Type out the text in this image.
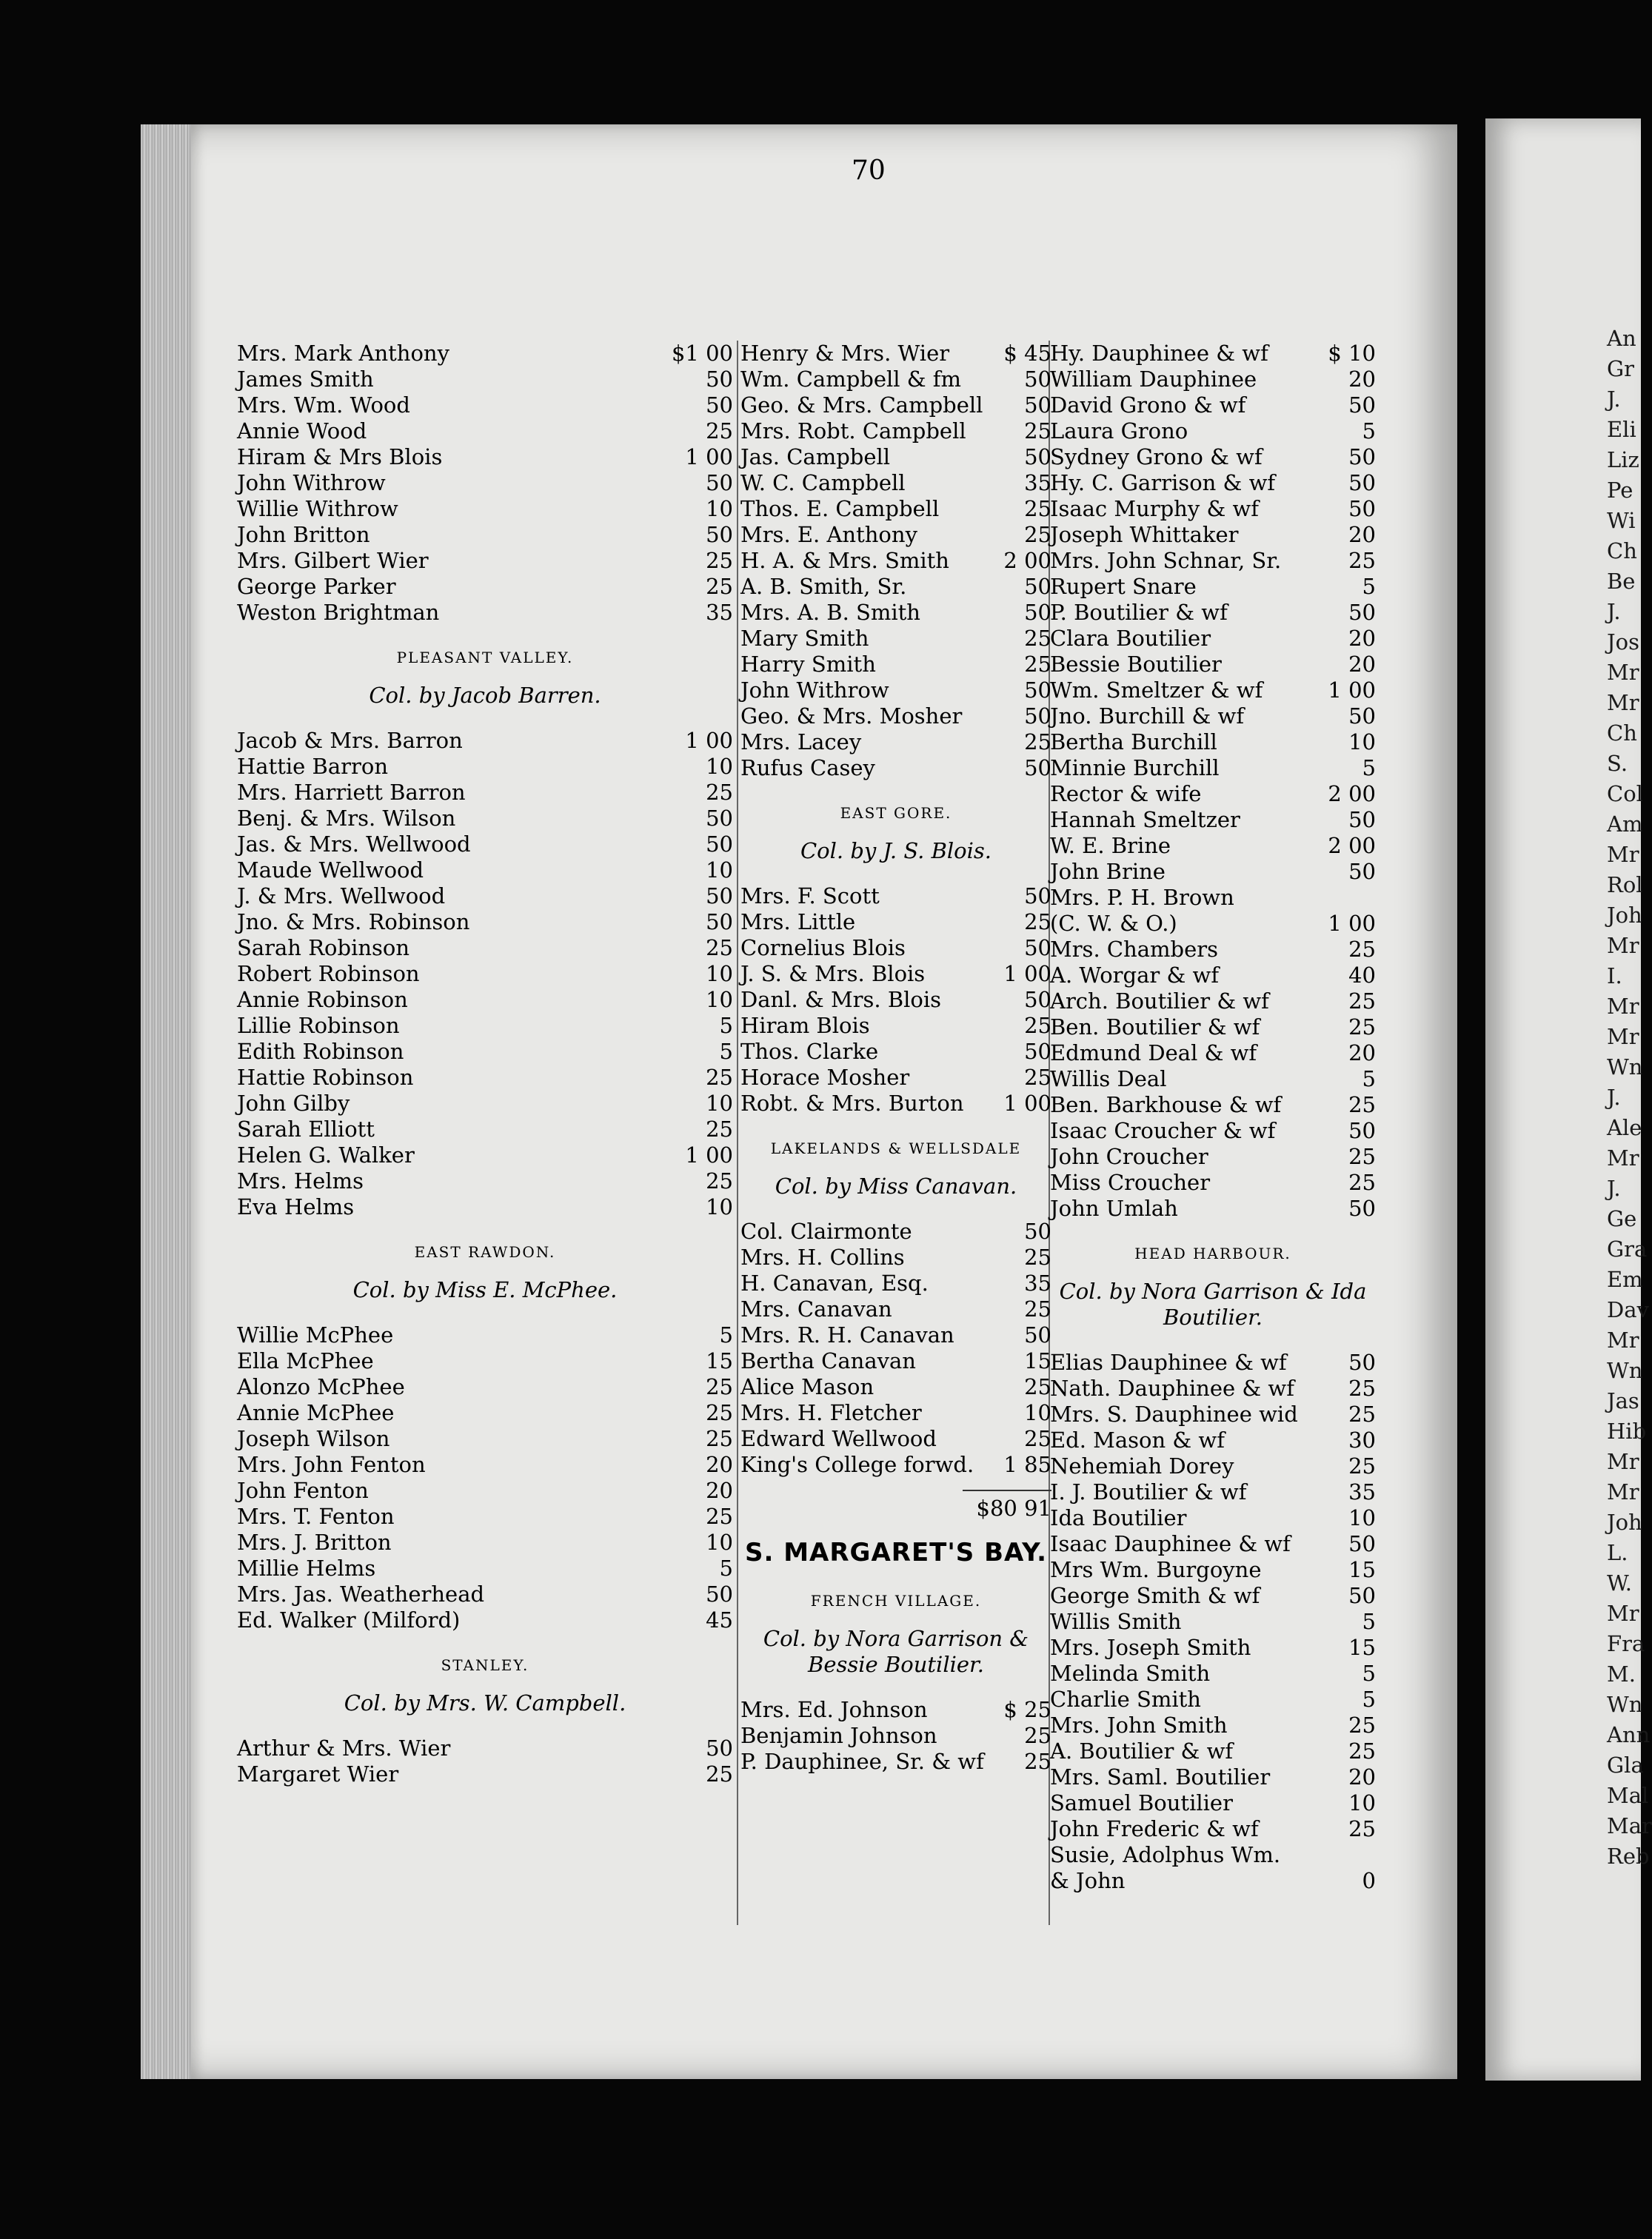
An
Gr
J.
Eli
Liz
Pe
Wi
Ch
Be
J.
Jos
Mr
Mr
Ch
S.
Col
Am
Mr
Rol
Joh
Mr
I.
Mr
Mr
Wn
J.
Ale
Mr
J.
Ge
Gra
Em
Dav
Mr
Wn
Jas
Hib
Mr
Mr
Joh
L.
W.
Mr
Fra
M.
Wn
Ann
Gla
Mal
Mar
Reb
70
Mrs. Mark Anthony	$1 00
James Smith	50
Mrs. Wm. Wood	50
Annie Wood	25
Hiram & Mrs Blois	1 00
John Withrow	50
Willie Withrow	10
John Britton	50
Mrs. Gilbert Wier	25
George Parker	25
Weston Brightman	35
PLEASANT VALLEY.
Col. by Jacob Barren.
Jacob & Mrs. Barron	1 00
Hattie Barron	10
Mrs. Harriett Barron	25
Benj. & Mrs. Wilson	50
Jas. & Mrs. Wellwood	50
Maude Wellwood	10
J. & Mrs. Wellwood	50
Jno. & Mrs. Robinson	50
Sarah Robinson	25
Robert Robinson	10
Annie Robinson	10
Lillie Robinson	5
Edith Robinson	5
Hattie Robinson	25
John Gilby	10
Sarah Elliott	25
Helen G. Walker	1 00
Mrs. Helms	25
Eva Helms	10
EAST RAWDON.
Col. by Miss E. McPhee.
Willie McPhee	5
Ella McPhee	15
Alonzo McPhee	25
Annie McPhee	25
Joseph Wilson	25
Mrs. John Fenton	20
John Fenton	20
Mrs. T. Fenton	25
Mrs. J. Britton	10
Millie Helms	5
Mrs. Jas. Weatherhead	50
Ed. Walker (Milford)	45
STANLEY.
Col. by Mrs. W. Campbell.
Arthur & Mrs. Wier	50
Margaret Wier	25
Henry & Mrs. Wier	$ 45
Wm. Campbell & fm	50
Geo. & Mrs. Campbell	50
Mrs. Robt. Campbell	25
Jas. Campbell	50
W. C. Campbell	35
Thos. E. Campbell	25
Mrs. E. Anthony	25
H. A. & Mrs. Smith	2 00
A. B. Smith, Sr.	50
Mrs. A. B. Smith	50
Mary Smith	25
Harry Smith	25
John Withrow	50
Geo. & Mrs. Mosher	50
Mrs. Lacey	25
Rufus Casey	50
EAST GORE.
Col. by J. S. Blois.
Mrs. F. Scott	50
Mrs. Little	25
Cornelius Blois	50
J. S. & Mrs. Blois	1 00
Danl. & Mrs. Blois	50
Hiram Blois	25
Thos. Clarke	50
Horace Mosher	25
Robt. & Mrs. Burton 1 00
LAKELANDS & WELLSDALE
Col. by Miss Canavan.
Col. Clairmonte	50
Mrs. H. Collins	25
H. Canavan, Esq.	35
Mrs. Canavan	25
Mrs. R. H. Canavan	50
Bertha Canavan	15
Alice Mason	25
Mrs. H. Fletcher	10
Edward Wellwood	25
King's College forwd. 1 85
$80 91
S. MARGARET'S BAY.
FRENCH VILLAGE.
Col. by Nora Garrison & Bessie Boutilier.
Mrs. Ed. Johnson	$ 25
Benjamin Johnson	25
P. Dauphinee, Sr. & wf	25
Hy. Dauphinee & wf	$ 10
William Dauphinee	20
David Grono & wf	50
Laura Grono	5
Sydney Grono & wf	50
Hy. C. Garrison & wf	50
Isaac Murphy & wf	50
Joseph Whittaker	20
Mrs. John Schnar, Sr.	25
Rupert Snare	5
P. Boutilier & wf	50
Clara Boutilier	20
Bessie Boutilier	20
Wm. Smeltzer & wf	1 00
Jno. Burchill & wf	50
Bertha Burchill	10
Minnie Burchill	5
Rector & wife	2 00
Hannah Smeltzer	50
W. E. Brine	2 00
John Brine	50
Mrs. P. H. Brown
(C. W. & O.)	1 00
Mrs. Chambers	25
A. Worgar & wf	40
Arch. Boutilier & wf	25
Ben. Boutilier & wf	25
Edmund Deal & wf	20
Willis Deal	5
Ben. Barkhouse & wf	25
Isaac Croucher & wf	50
John Croucher	25
Miss Croucher	25
John Umlah	50
HEAD HARBOUR.
Col. by Nora Garrison & Ida Boutilier.
Elias Dauphinee & wf	50
Nath. Dauphinee & wf	25
Mrs. S. Dauphinee wid	25
Ed. Mason & wf	30
Nehemiah Dorey	25
I. J. Boutilier & wf	35
Ida Boutilier	10
Isaac Dauphinee & wf	50
Mrs Wm. Burgoyne	15
George Smith & wf	50
Willis Smith	5
Mrs. Joseph Smith	15
Melinda Smith	5
Charlie Smith	5
Mrs. John Smith	25
A. Boutilier & wf	25
Mrs. Saml. Boutilier	20
Samuel Boutilier	10
John Frederic & wf	25
Susie, Adolphus Wm.
& John	0
